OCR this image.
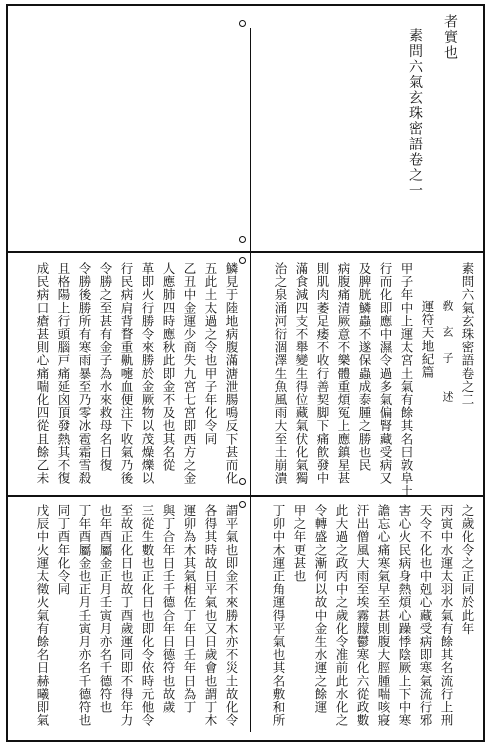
者實也
素問六氣玄珠密語卷之一
素問六氣玄珠密語卷之二
敎　玄　子　　述
運符天地紀篇
甲子年中上運太宮土氣有餘其名曰敦阜土
行而化即應中濕令過多氣偏腎藏受病又
及脾胱鱗蟲不遂保蟲成泰腫之勝也民
病腹痛清厥意不樂體重煩冤上應鎮星甚
則肌肉萎足痿不收行善契脚下痛飮發中
滿食減四支不舉變生得位藏氣伏化氣獨
治之泉涌河衍涸澤生魚風雨大至土崩潰
鱗見于陸地病腹滿溏泄腸鳴反下甚而化
五此土太過之令也甲子年化令同
乙丑中金運少商失九宮七宮即西方之金
人應肺四時應秋此即金不及也其名從
革即火行勝令來勝於金厥物以茂燥爍以
行民病肩背瞀重鼽嚏血便注下收氣乃後
令勝之至甚有金子為水來救母名日復
令勝後勝所有寒雨暴至乃零冰雹霜雪殺
且格陽上行頭腦戸痛延囟頂發熱其不復
成民病口瘡甚則心痛喘化四從且餘乙未
之歲化令之正同於此年
丙寅中水運太羽水氣有餘其名流行上刑
天令不化也中剋心藏受病即寒氣流行邪
害心火民病身熱煩心躁悸陰厥上下中寒
譫忘心痛寒氣早至甚則腹大脛腫喘咳寢
汗出僧風大雨至埃霧朦鬱寒化六從政數
此大過之政丙中之歲化令准前此水化之
令轉盛之漸何以故中金生水運之餘運
甲之年更甚也
丁卯中木運正角運得平氣也其名敷和所
謂平氣也即金不來勝木亦不災土故化令
各得其時故日平氣也又日歲會也謂丁木
運卯為木其氣相佐丁年日壬年日為丁
與丁合年日壬千德合年日德符也故歲
三從生數也正化日也即化令依時元他令
至故正化日也故丁酉歲運同即不得年力
也年酉屬金正月壬寅月亦名千德符也
丁年酉屬金也正月壬寅月亦名千德符也
同丁酉年化令同
戊辰中火運太徵火氣有餘名日赫曦即氣
